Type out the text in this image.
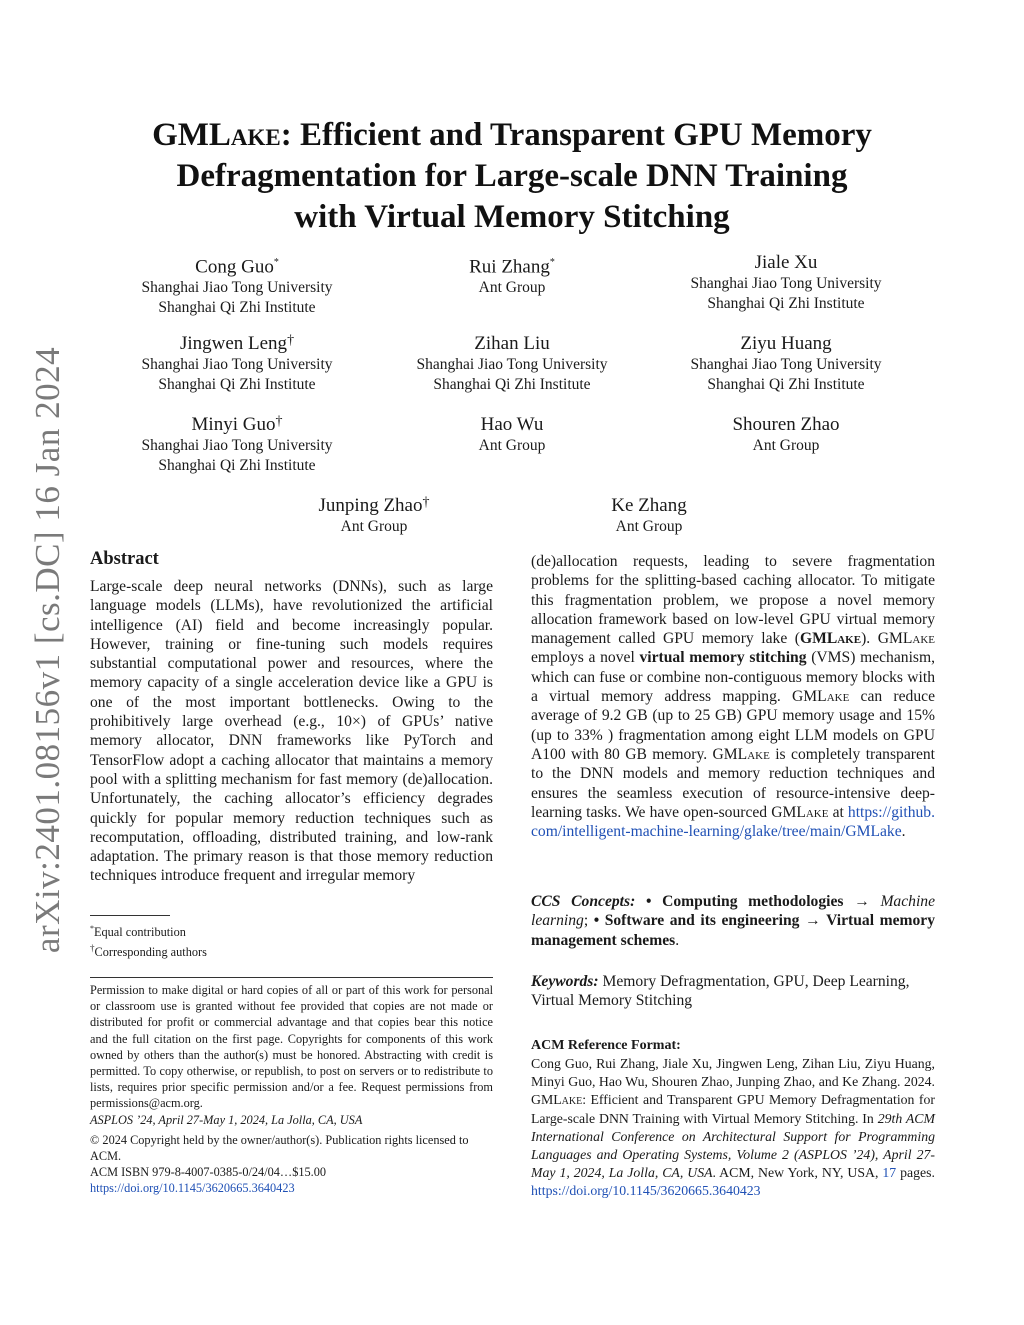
arXiv:2401.08156v1 [cs.DC] 16 Jan 2024
GMLake: Efficient and Transparent GPU Memory
Defragmentation for Large-scale DNN Training
with Virtual Memory Stitching
Cong Guo*
Shanghai Jiao Tong University
Shanghai Qi Zhi Institute
Rui Zhang*
Ant Group
Jiale Xu
Shanghai Jiao Tong University
Shanghai Qi Zhi Institute
Jingwen Leng†
Shanghai Jiao Tong University
Shanghai Qi Zhi Institute
Zihan Liu
Shanghai Jiao Tong University
Shanghai Qi Zhi Institute
Ziyu Huang
Shanghai Jiao Tong University
Shanghai Qi Zhi Institute
Minyi Guo†
Shanghai Jiao Tong University
Shanghai Qi Zhi Institute
Hao Wu
Ant Group
Shouren Zhao
Ant Group
Junping Zhao†
Ant Group
Ke Zhang
Ant Group
Abstract
Large-scale deep neural networks (DNNs), such as large language models (LLMs), have revolutionized the artificial intelligence (AI) field and become increasingly popular. However, training or fine-tuning such models requires substantial computational power and resources, where the memory capacity of a single acceleration device like a GPU is one of the most important bottlenecks. Owing to the prohibitively large overhead (e.g., 10×) of GPUs’ native memory allocator, DNN frameworks like PyTorch and TensorFlow adopt a caching allocator that maintains a memory pool with a splitting mechanism for fast memory (de)allocation. Unfortunately, the caching allocator’s efficiency degrades quickly for popular memory reduction techniques such as recomputation, offloading, distributed training, and low-rank adaptation. The primary reason is that those memory reduction techniques introduce frequent and irregular memory
*Equal contribution
†Corresponding authors
Permission to make digital or hard copies of all or part of this work for personal or classroom use is granted without fee provided that copies are not made or distributed for profit or commercial advantage and that copies bear this notice and the full citation on the first page. Copyrights for components of this work owned by others than the author(s) must be honored. Abstracting with credit is permitted. To copy otherwise, or republish, to post on servers or to redistribute to lists, requires prior specific permission and/or a fee. Request permissions from permissions@acm.org.
ASPLOS ’24, April 27-May 1, 2024, La Jolla, CA, USA
© 2024 Copyright held by the owner/author(s). Publication rights licensed to ACM.
ACM ISBN 979-8-4007-0385-0/24/04…$15.00
https://doi.org/10.1145/3620665.3640423
(de)allocation requests, leading to severe fragmentation problems for the splitting-based caching allocator. To mitigate this fragmentation problem, we propose a novel memory allocation framework based on low-level GPU virtual memory management called GPU memory lake (GMLake). GMLake employs a novel virtual memory stitching (VMS) mechanism, which can fuse or combine non-contiguous memory blocks with a virtual memory address mapping. GMLake can reduce average of 9.2 GB (up to 25 GB) GPU memory usage and 15% (up to 33% ) fragmentation among eight LLM models on GPU A100 with 80 GB memory. GMLake is completely transparent to the DNN models and memory reduction techniques and ensures the seamless execution of resource-intensive deep-learning tasks. We have open-sourced GMLake at https://github.com/intelligent-machine-learning/glake/tree/main/GMLake.
CCS Concepts: • Computing methodologies → Machine learning; • Software and its engineering → Virtual memory management schemes.
Keywords: Memory Defragmentation, GPU, Deep Learning, Virtual Memory Stitching
ACM Reference Format:
Cong Guo, Rui Zhang, Jiale Xu, Jingwen Leng, Zihan Liu, Ziyu Huang, Minyi Guo, Hao Wu, Shouren Zhao, Junping Zhao, and Ke Zhang. 2024. GMLake: Efficient and Transparent GPU Memory Defragmentation for Large-scale DNN Training with Virtual Memory Stitching. In 29th ACM International Conference on Architectural Support for Programming Languages and Operating Systems, Volume 2 (ASPLOS ’24), April 27-May 1, 2024, La Jolla, CA, USA. ACM, New York, NY, USA, 17 pages. https://doi.org/10.1145/3620665.3640423
